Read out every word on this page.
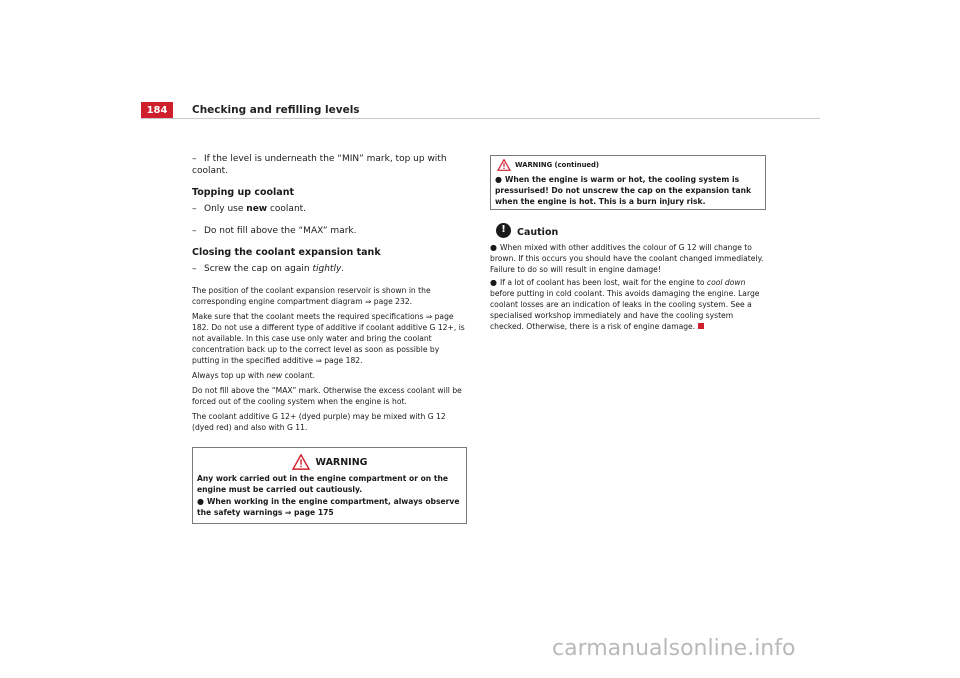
184	Checking and refilling levels
– If the level is underneath the “MIN” mark, top up with coolant.
Topping up coolant
– Only use new coolant.
– Do not fill above the “MAX” mark.
Closing the coolant expansion tank
– Screw the cap on again tightly.

The position of the coolant expansion reservoir is shown in the corresponding engine compartment diagram ⇒ page 232.

Make sure that the coolant meets the required specifications ⇒ page 182. Do not use a different type of additive if coolant additive G 12+, is not available. In this case use only water and bring the coolant concentration back up to the correct level as soon as possible by putting in the specified additive ⇒ page 182.

Always top up with new coolant.

Do not fill above the “MAX” mark. Otherwise the excess coolant will be forced out of the cooling system when the engine is hot.

The coolant additive G 12+ (dyed purple) may be mixed with G 12 (dyed red) and also with G 11.

WARNING

Any work carried out in the engine compartment or on the engine must be carried out cautiously.

● When working in the engine compartment, always observe the safety warnings ⇒ page 175

WARNING (continued)

● When the engine is warm or hot, the cooling system is pressurised! Do not unscrew the cap on the expansion tank when the engine is hot. This is a burn injury risk.

!	Caution

● When mixed with other additives the colour of G 12 will change to brown. If this occurs you should have the coolant changed immediately. Failure to do so will result in engine damage!

● If a lot of coolant has been lost, wait for the engine to cool down before putting in cold coolant. This avoids damaging the engine. Large coolant losses are an indication of leaks in the cooling system. See a specialised workshop immediately and have the cooling system checked. Otherwise, there is a risk of engine damage.

carmanualsonline.info
